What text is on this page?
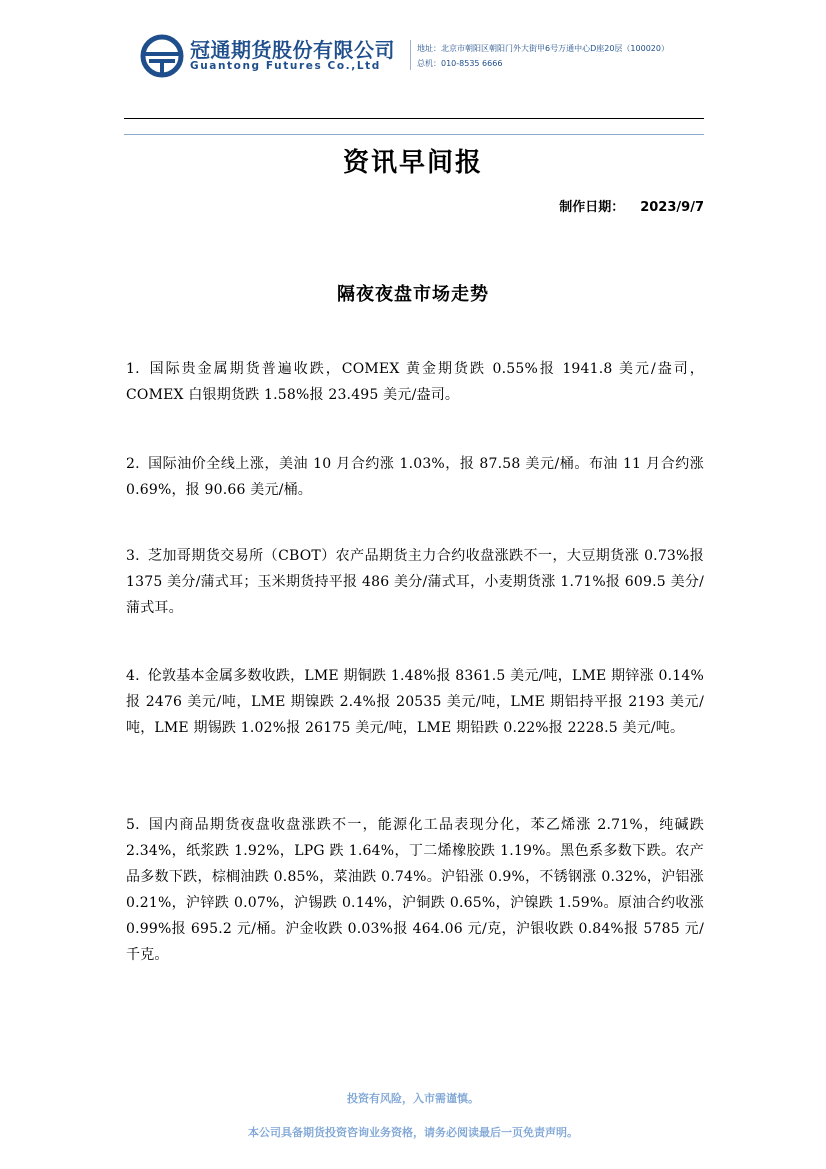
冠通期货股份有限公司
Guantong Futures Co.,Ltd
地址：北京市朝阳区朝阳门外大街甲6号万通中心D座20层（100020）
总机：010-8535 6666
资讯早间报
制作日期： 2023/9/7
隔夜夜盘市场走势
1. 国际贵金属期货普遍收跌，COMEX 黄金期货跌 0.55%报 1941.8 美元/盎司，COMEX 白银期货跌 1.58%报 23.495 美元/盎司。
2. 国际油价全线上涨，美油 10 月合约涨 1.03%，报 87.58 美元/桶。布油 11 月合约涨 0.69%，报 90.66 美元/桶。
3. 芝加哥期货交易所（CBOT）农产品期货主力合约收盘涨跌不一，大豆期货涨 0.73%报 1375 美分/蒲式耳；玉米期货持平报 486 美分/蒲式耳，小麦期货涨 1.71%报 609.5 美分/蒲式耳。
4. 伦敦基本金属多数收跌，LME 期铜跌 1.48%报 8361.5 美元/吨，LME 期锌涨 0.14%报 2476 美元/吨，LME 期镍跌 2.4%报 20535 美元/吨，LME 期铝持平报 2193 美元/吨，LME 期锡跌 1.02%报 26175 美元/吨，LME 期铅跌 0.22%报 2228.5 美元/吨。
5. 国内商品期货夜盘收盘涨跌不一，能源化工品表现分化，苯乙烯涨 2.71%，纯碱跌 2.34%，纸浆跌 1.92%，LPG 跌 1.64%，丁二烯橡胶跌 1.19%。黑色系多数下跌。农产品多数下跌，棕榈油跌 0.85%，菜油跌 0.74%。沪铅涨 0.9%，不锈钢涨 0.32%，沪铝涨 0.21%，沪锌跌 0.07%，沪锡跌 0.14%，沪铜跌 0.65%，沪镍跌 1.59%。原油合约收涨 0.99%报 695.2 元/桶。沪金收跌 0.03%报 464.06 元/克，沪银收跌 0.84%报 5785 元/千克。
投资有风险，入市需谨慎。
本公司具备期货投资咨询业务资格，请务必阅读最后一页免责声明。
